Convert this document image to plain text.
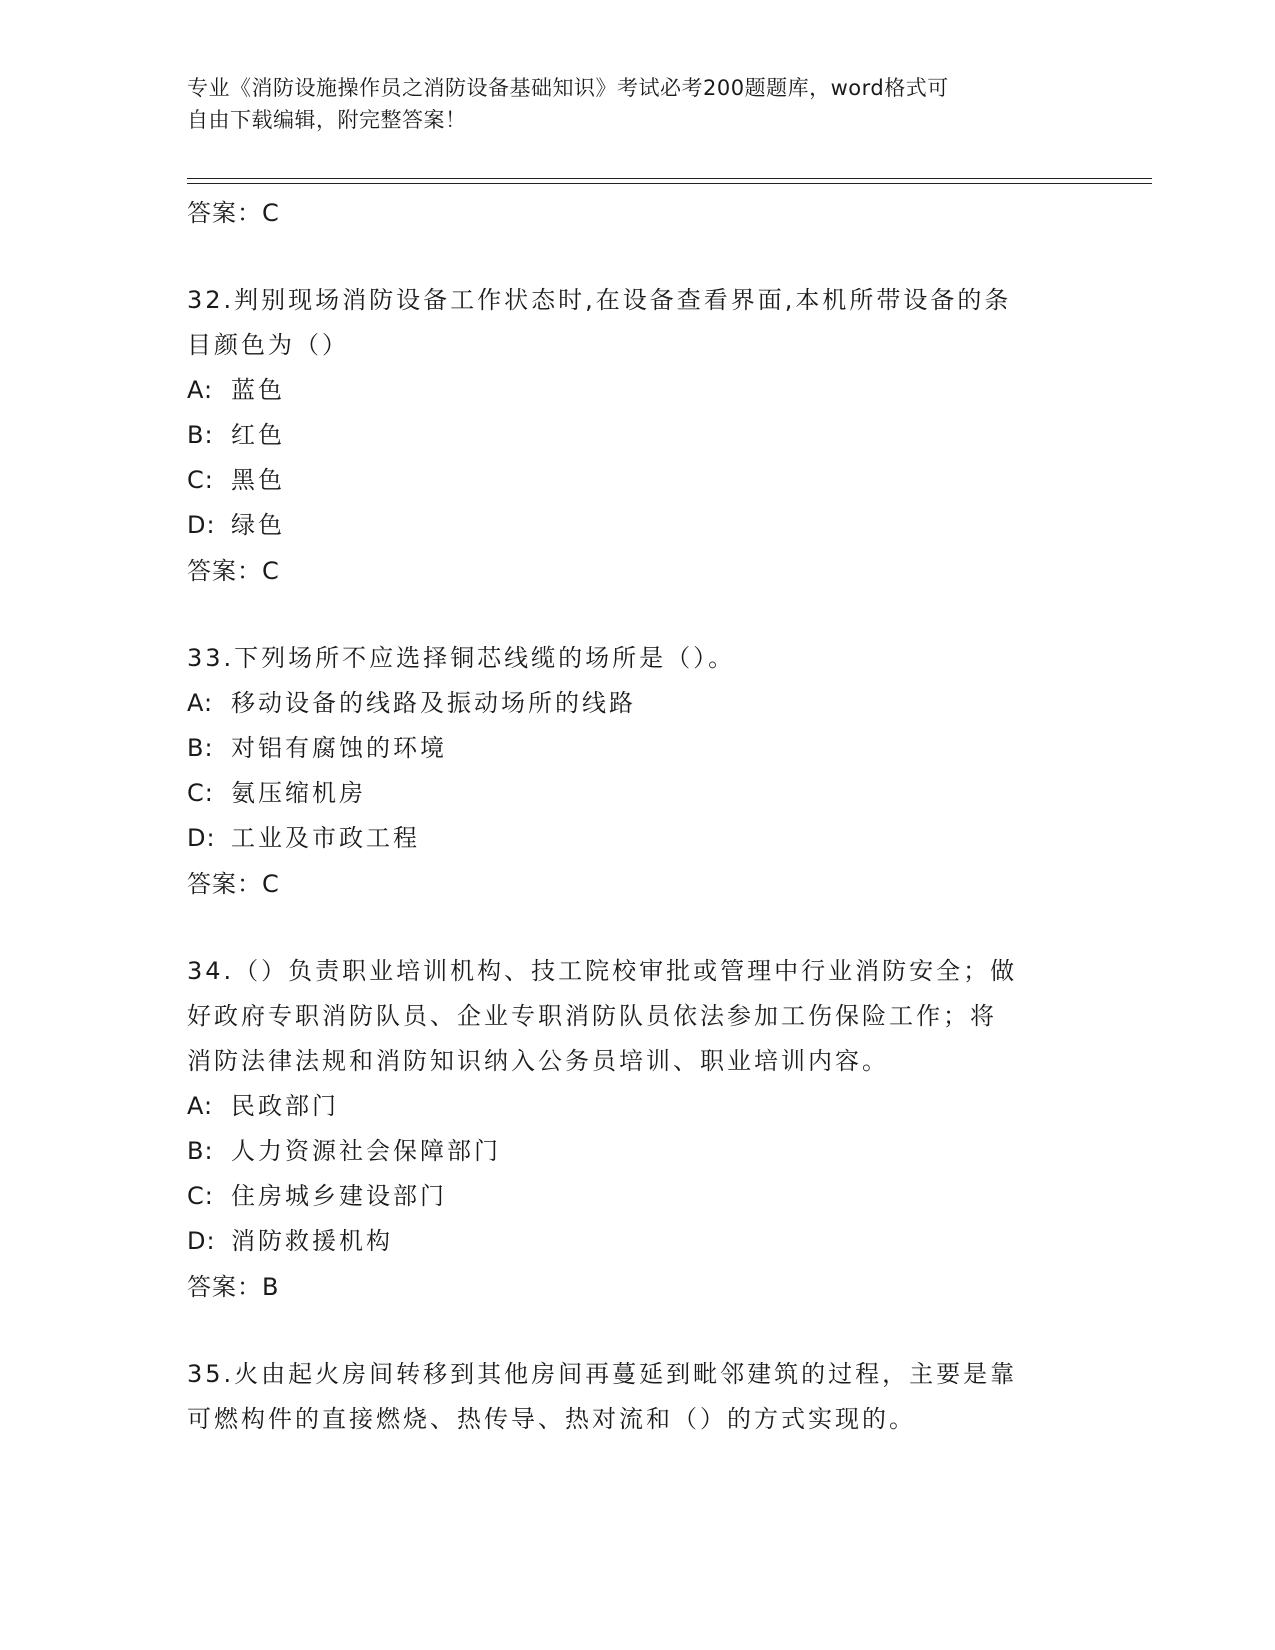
专业《消防设施操作员之消防设备基础知识》考试必考200题题库，word格式可
自由下载编辑，附完整答案！
答案：C
32.判别现场消防设备工作状态时,在设备查看界面,本机所带设备的条
目颜色为（）
A: 蓝色
B: 红色
C: 黑色
D: 绿色
答案：C
33.下列场所不应选择铜芯线缆的场所是（）。
A: 移动设备的线路及振动场所的线路
B: 对铝有腐蚀的环境
C: 氨压缩机房
D: 工业及市政工程
答案：C
34.（）负责职业培训机构、技工院校审批或管理中行业消防安全；做
好政府专职消防队员、企业专职消防队员依法参加工伤保险工作；将
消防法律法规和消防知识纳入公务员培训、职业培训内容。
A: 民政部门
B: 人力资源社会保障部门
C: 住房城乡建设部门
D: 消防救援机构
答案：B
35.火由起火房间转移到其他房间再蔓延到毗邻建筑的过程，主要是靠
可燃构件的直接燃烧、热传导、热对流和（）的方式实现的。
